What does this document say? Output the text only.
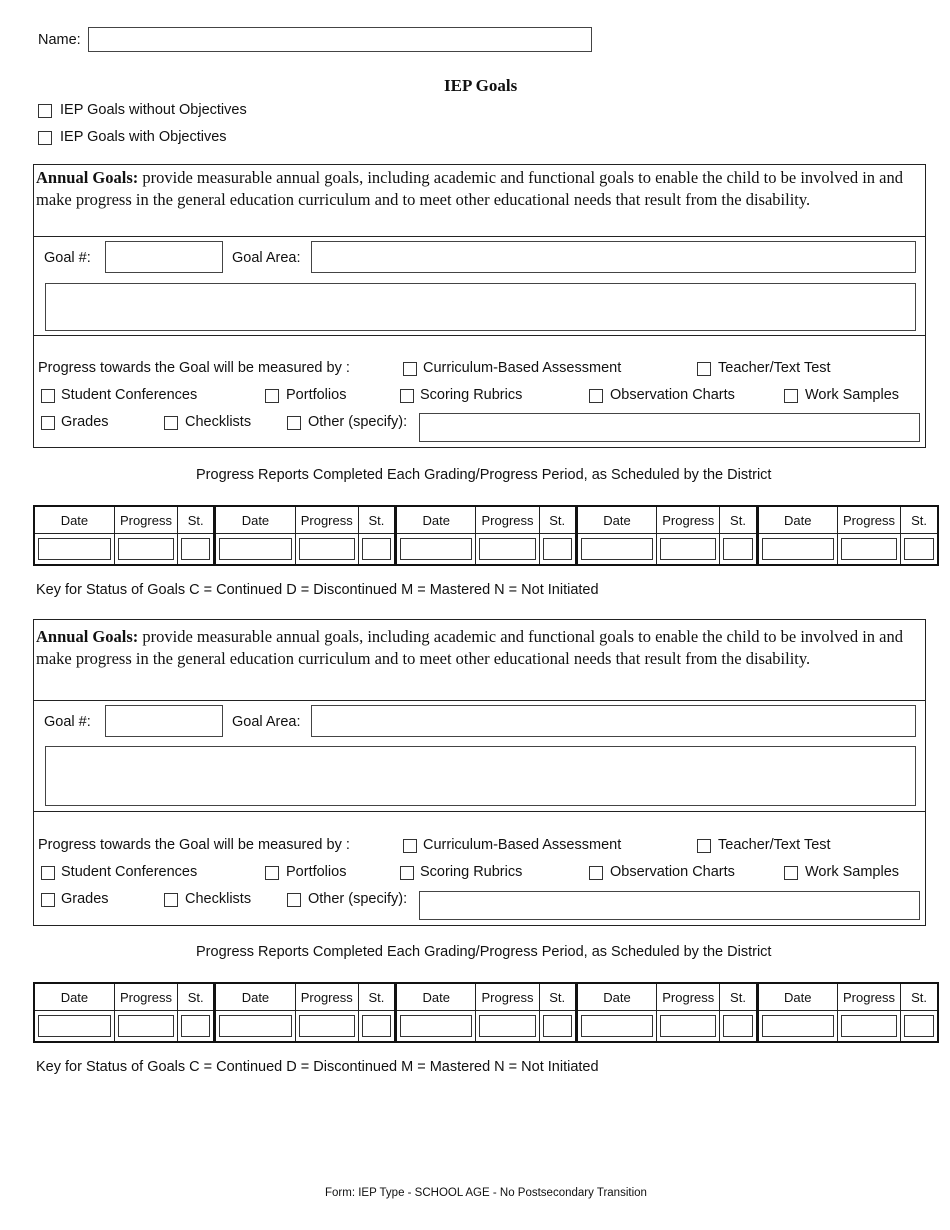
Name:
IEP Goals
IEP Goals without Objectives
IEP Goals with Objectives
Annual Goals: provide measurable annual goals, including academic and functional goals to enable the child to be involved in and make progress in the general education curriculum and to meet other educational needs that result from the disability.
Goal #:	Goal Area:
Progress towards the Goal will be measured by :	Curriculum-Based Assessment	Teacher/Text Test
Student Conferences	Portfolios	Scoring Rubrics	Observation Charts	Work Samples
Grades	Checklists	Other (specify):
Progress Reports Completed Each Grading/Progress Period, as Scheduled by the District
Date	Progress	St.	Date	Progress	St.	Date	Progress	St.	Date	Progress	St.	Date	Progress	St.

Key for Status of Goals C = Continued D = Discontinued M = Mastered N = Not Initiated
Annual Goals: provide measurable annual goals, including academic and functional goals to enable the child to be involved in and make progress in the general education curriculum and to meet other educational needs that result from the disability.
Goal #:	Goal Area:
Progress towards the Goal will be measured by :	Curriculum-Based Assessment	Teacher/Text Test
Student Conferences	Portfolios	Scoring Rubrics	Observation Charts	Work Samples
Grades	Checklists	Other (specify):
Progress Reports Completed Each Grading/Progress Period, as Scheduled by the District
Date	Progress	St.	Date	Progress	St.	Date	Progress	St.	Date	Progress	St.	Date	Progress	St.

Key for Status of Goals C = Continued D = Discontinued M = Mastered N = Not Initiated
Form: IEP Type - SCHOOL AGE - No Postsecondary Transition
